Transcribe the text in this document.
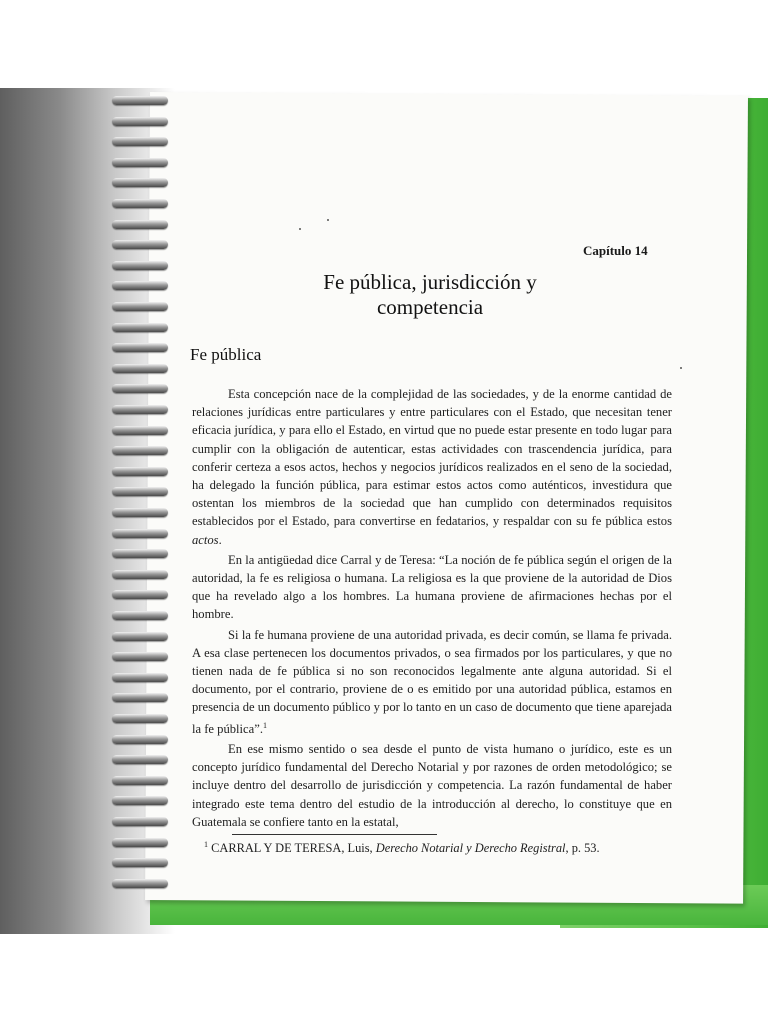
Capítulo 14
Fe pública, jurisdicción y
competencia
Fe pública

Esta concepción nace de la complejidad de las sociedades, y de la enorme cantidad de relaciones jurídicas entre particulares y entre particulares con el Estado, que necesitan tener eficacia jurídica, y para ello el Estado, en virtud que no puede estar presente en todo lugar para cumplir con la obligación de autenticar, estas actividades con trascendencia jurídica, para conferir certeza a esos actos, hechos y negocios jurídicos realizados en el seno de la sociedad, ha delegado la función pública, para estimar estos actos como auténticos, investidura que ostentan los miembros de la sociedad que han cumplido con determinados requisitos establecidos por el Estado, para convertirse en fedatarios, y respaldar con su fe pública estos actos.

En la antigüedad dice Carral y de Teresa: “La noción de fe pública según el origen de la autoridad, la fe es religiosa o humana. La religiosa es la que proviene de la autoridad de Dios que ha revelado algo a los hombres. La humana proviene de afirmaciones hechas por el hombre.

Si la fe humana proviene de una autoridad privada, es decir común, se llama fe privada. A esa clase pertenecen los documentos privados, o sea firmados por los particulares, y que no tienen nada de fe pública si no son reconocidos legalmente ante alguna autoridad. Si el documento, por el contrario, proviene de o es emitido por una autoridad pública, estamos en presencia de un documento público y por lo tanto en un caso de documento que tiene aparejada la fe pública”.$^1$

En ese mismo sentido o sea desde el punto de vista humano o jurídico, este es un concepto jurídico fundamental del Derecho Notarial y por razones de orden metodológico; se incluye dentro del desarrollo de jurisdicción y competencia. La razón fundamental de haber integrado este tema dentro del estudio de la introducción al derecho, lo constituye que en Guatemala se confiere tanto en la estatal,

$^1$ CARRAL Y DE TERESA, Luis, Derecho Notarial y Derecho Registral, p. 53.
